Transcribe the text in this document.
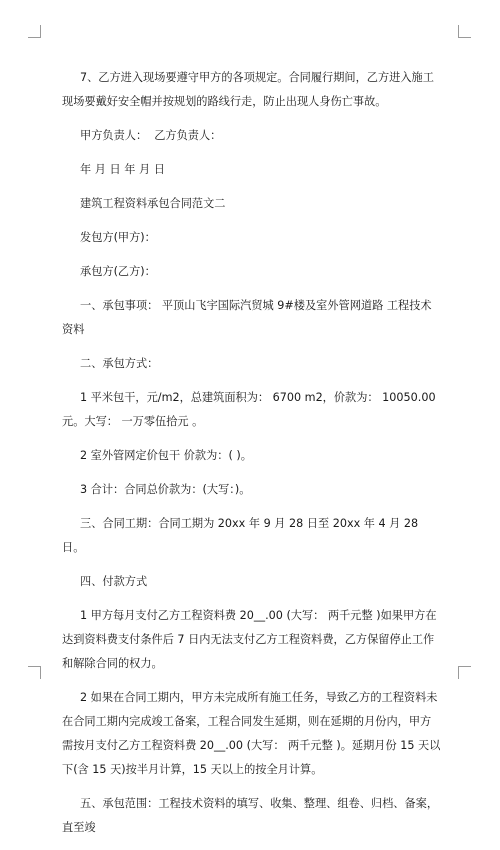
7、乙方进入现场要遵守甲方的各项规定。合同履行期间，乙方进入施工现场要戴好安全帽并按规划的路线行走，防止出现人身伤亡事故。

甲方负责人：  乙方负责人：

年 月 日 年 月 日

建筑工程资料承包合同范文二

发包方(甲方)：

承包方(乙方)：

一、承包事项： 平顶山飞宇国际汽贸城 9#楼及室外管网道路 工程技术资料

二、承包方式：

1 平米包干，元/m2，总建筑面积为： 6700 m2，价款为： 10050.00 元。大写： 一万零伍拾元 。

2 室外管网定价包干 价款为：( )。

3 合计：合同总价款为：(大写：)。

三、合同工期：合同工期为 20xx 年 9 月 28 日至 20xx 年 4 月 28 日。

四、付款方式

1 甲方每月支付乙方工程资料费 20__.00 (大写： 两千元整 )如果甲方在达到资料费支付条件后 7 日内无法支付乙方工程资料费，乙方保留停止工作和解除合同的权力。

2 如果在合同工期内，甲方未完成所有施工任务，导致乙方的工程资料未在合同工期内完成竣工备案，工程合同发生延期，则在延期的月份内，甲方需按月支付乙方工程资料费 20__.00 (大写： 两千元整 )。延期月份 15 天以下(含 15 天)按半月计算，15 天以上的按全月计算。

五、承包范围：工程技术资料的填写、收集、整理、组卷、归档、备案，直至竣
